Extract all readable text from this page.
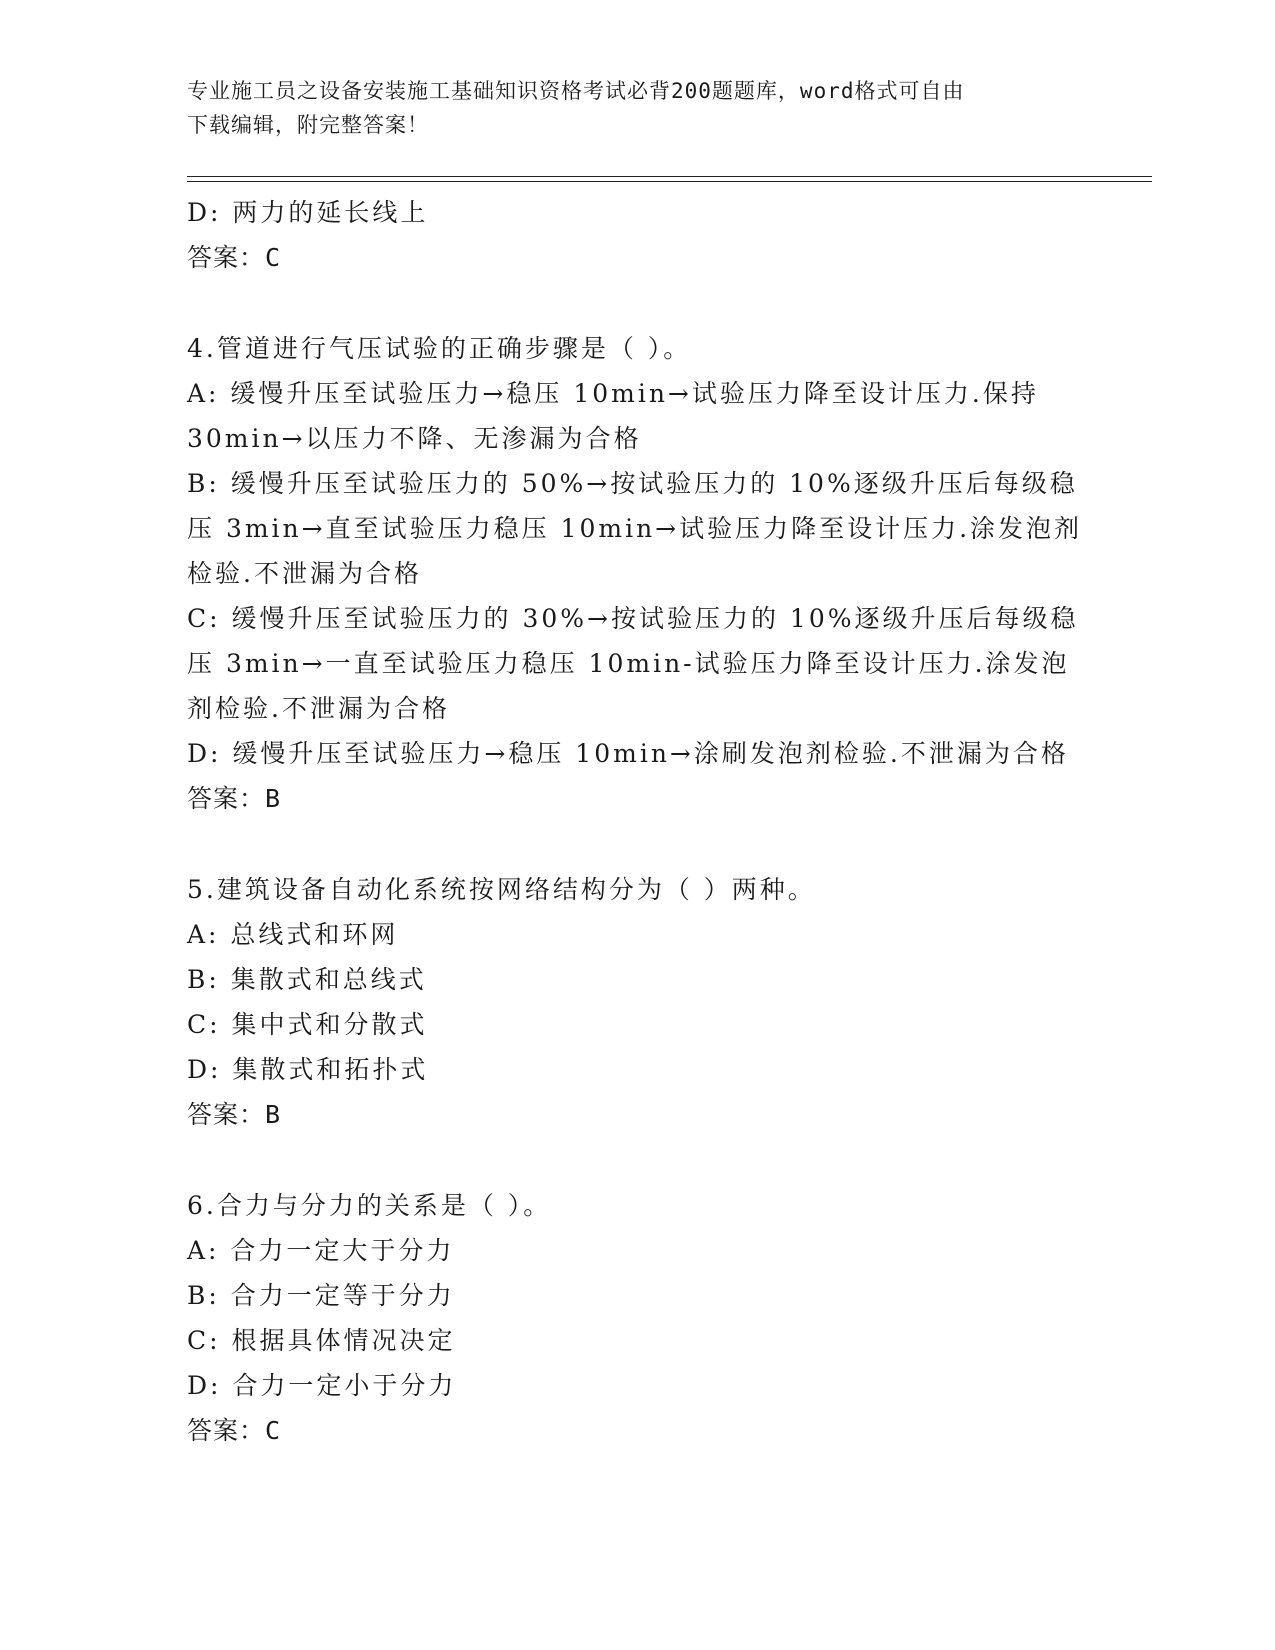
专业施工员之设备安装施工基础知识资格考试必背200题题库，word格式可自由
下载编辑，附完整答案！
D: 两力的延长线上
答案：C
4.管道进行气压试验的正确步骤是（ ）。
A: 缓慢升压至试验压力→稳压 10min→试验压力降至设计压力.保持
30min→以压力不降、无渗漏为合格
B: 缓慢升压至试验压力的 50%→按试验压力的 10%逐级升压后每级稳
压 3min→直至试验压力稳压 10min→试验压力降至设计压力.涂发泡剂
检验.不泄漏为合格
C: 缓慢升压至试验压力的 30%→按试验压力的 10%逐级升压后每级稳
压 3min→一直至试验压力稳压 10min-试验压力降至设计压力.涂发泡
剂检验.不泄漏为合格
D: 缓慢升压至试验压力→稳压 10min→涂刷发泡剂检验.不泄漏为合格
答案：B
5.建筑设备自动化系统按网络结构分为（ ）两种。
A: 总线式和环网
B: 集散式和总线式
C: 集中式和分散式
D: 集散式和拓扑式
答案：B
6.合力与分力的关系是（ ）。
A: 合力一定大于分力
B: 合力一定等于分力
C: 根据具体情况决定
D: 合力一定小于分力
答案：C
